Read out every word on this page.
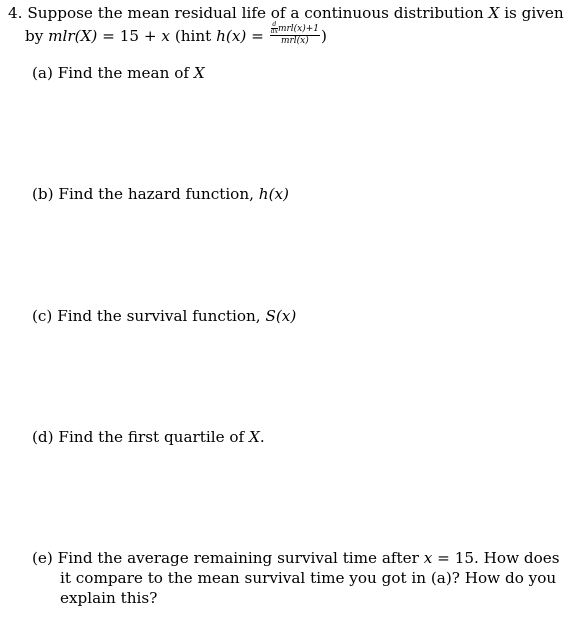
4. Suppose the mean residual life of a continuous distribution X is given
by mlr(X) = 15 + x (hint $h(x) = \frac{\frac{d}{dx} mrl(x)+1}{\text{mrl(x)}}$ )
(a) Find the mean of X
(b) Find the hazard function, h(x)
(c) Find the survival function, S(x)
(d) Find the first quartile of X.
(e) Find the average remaining survival time after x = 15. How does
it compare to the mean survival time you got in (a)? How do you
explain this?
